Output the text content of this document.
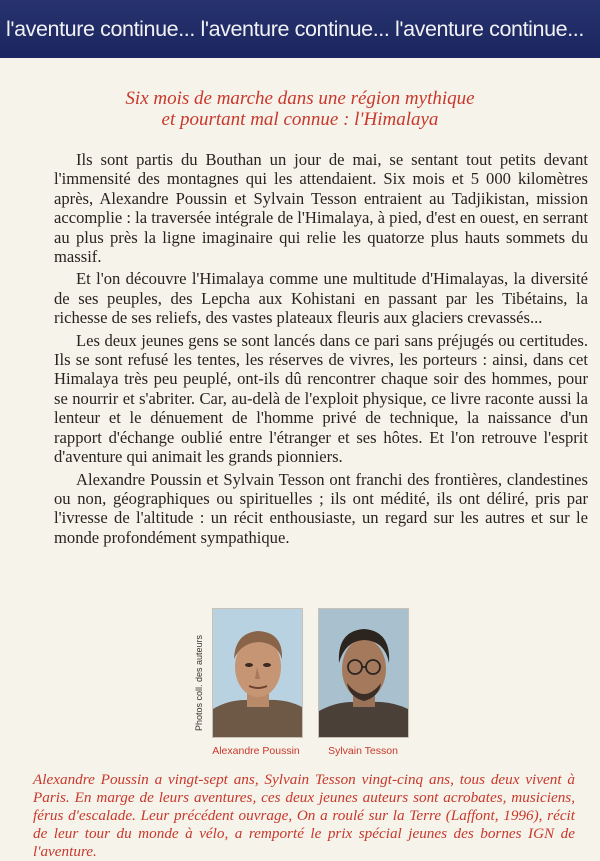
l'aventure continue... l'aventure continue... l'aventure continue...
Six mois de marche dans une région mythique
et pourtant mal connue : l'Himalaya

Ils sont partis du Bouthan un jour de mai, se sentant tout petits devant l'immensité des montagnes qui les attendaient. Six mois et 5 000 kilomètres après, Alexandre Poussin et Sylvain Tesson entraient au Tadjikistan, mission accomplie : la traversée intégrale de l'Himalaya, à pied, d'est en ouest, en serrant au plus près la ligne imaginaire qui relie les quatorze plus hauts sommets du massif.

Et l'on découvre l'Himalaya comme une multitude d'Himalayas, la diversité de ses peuples, des Lepcha aux Kohistani en passant par les Tibétains, la richesse de ses reliefs, des vastes plateaux fleuris aux glaciers crevassés...

Les deux jeunes gens se sont lancés dans ce pari sans préjugés ou certitudes. Ils se sont refusé les tentes, les réserves de vivres, les porteurs : ainsi, dans cet Himalaya très peu peuplé, ont-ils dû rencontrer chaque soir des hommes, pour se nourrir et s'abriter. Car, au-delà de l'exploit physique, ce livre raconte aussi la lenteur et le dénuement de l'homme privé de technique, la naissance d'un rapport d'échange oublié entre l'étranger et ses hôtes. Et l'on retrouve l'esprit d'aventure qui animait les grands pionniers.

Alexandre Poussin et Sylvain Tesson ont franchi des frontières, clandestines ou non, géographiques ou spirituelles ; ils ont médité, ils ont déliré, pris par l'ivresse de l'altitude : un récit enthousiaste, un regard sur les autres et sur le monde profondément sympathique.

Photos coll. des auteurs
Alexandre Poussin	Sylvain Tesson

Alexandre Poussin a vingt-sept ans, Sylvain Tesson vingt-cinq ans, tous deux vivent à Paris. En marge de leurs aventures, ces deux jeunes auteurs sont acrobates, musiciens, férus d'escalade. Leur précédent ouvrage, On a roulé sur la Terre (Laffont, 1996), récit de leur tour du monde à vélo, a remporté le prix spécial jeunes des bornes IGN de l'aventure.
